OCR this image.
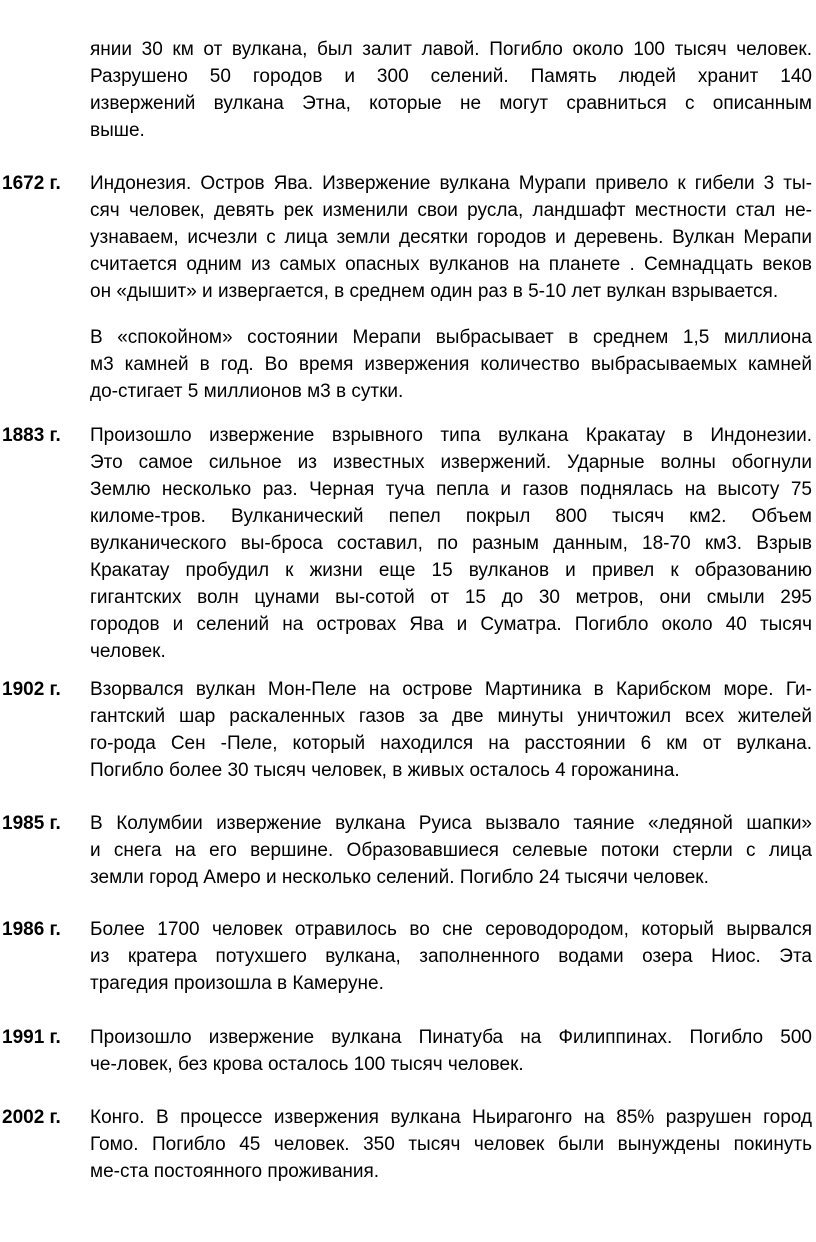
янии 30 км от вулкана, был залит лавой. Погибло около 100 тысяч человек.
Разрушено 50 городов и 300 селений. Память людей хранит 140
извержений вулкана Этна, которые не могут сравниться с описанным
выше.
1672 г. Индонезия. Остров Ява. Извержение вулкана Мурапи привело к гибели 3 ты-
сяч человек, девять рек изменили свои русла, ландшафт местности стал не-
узнаваем, исчезли с лица земли десятки городов и деревень. Вулкан Мерапи
считается одним из самых опасных вулканов на планете . Семнадцать веков
он «дышит» и извергается, в среднем один раз в 5-10 лет вулкан взрывается.
В «спокойном» состоянии Мерапи выбрасывает в среднем 1,5 миллиона
м3 камней в год. Во время извержения количество выбрасываемых камней
до-стигает 5 миллионов м3 в сутки.
1883 г. Произошло извержение взрывного типа вулкана Кракатау в Индонезии.
Это самое сильное из известных извержений. Ударные волны обогнули
Землю несколько раз. Черная туча пепла и газов поднялась на высоту 75
киломе-тров. Вулканический пепел покрыл 800 тысяч км2. Объем
вулканического вы-броса составил, по разным данным, 18-70 км3. Взрыв
Кракатау пробудил к жизни еще 15 вулканов и привел к образованию
гигантских волн цунами вы-сотой от 15 до 30 метров, они смыли 295
городов и селений на островах Ява и Суматра. Погибло около 40 тысяч
человек.
1902 г. Взорвался вулкан Мон-Пеле на острове Мартиника в Карибском море. Ги-
гантский шар раскаленных газов за две минуты уничтожил всех жителей
го-рода Сен -Пеле, который находился на расстоянии 6 км от вулкана.
Погибло более 30 тысяч человек, в живых осталось 4 горожанина.
1985 г. В Колумбии извержение вулкана Руиса вызвало таяние «ледяной шапки»
и снега на его вершине. Образовавшиеся селевые потоки стерли с лица
земли город Амеро и несколько селений. Погибло 24 тысячи человек.
1986 г. Более 1700 человек отравилось во сне сероводородом, который вырвался
из кратера потухшего вулкана, заполненного водами озера Ниос. Эта
трагедия произошла в Камеруне.
1991 г. Произошло извержение вулкана Пинатуба на Филиппинах. Погибло 500
че-ловек, без крова осталось 100 тысяч человек.
2002 г. Конго. В процессе извержения вулкана Ньирагонго на 85% разрушен город
Гомо. Погибло 45 человек. 350 тысяч человек были вынуждены покинуть
ме-ста постоянного проживания.
